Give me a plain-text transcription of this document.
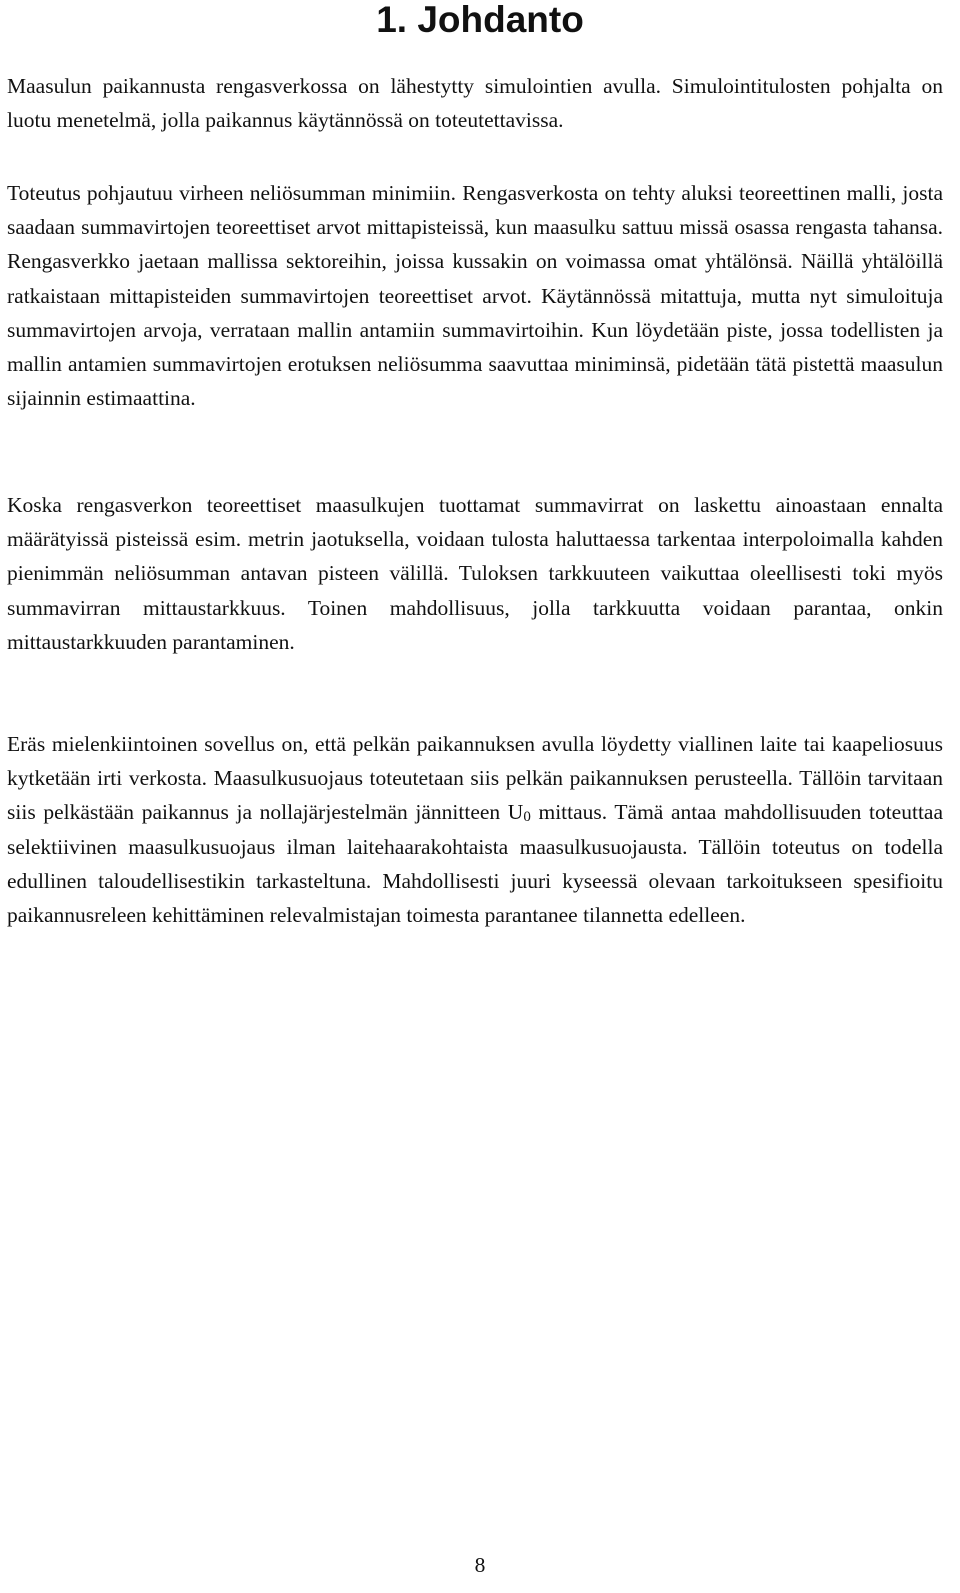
1. Johdanto

Maasulun paikannusta rengasverkossa on lähestytty simulointien avulla. Simulointitulosten pohjalta on luotu menetelmä, jolla paikannus käytännössä on toteutettavissa.

Toteutus pohjautuu virheen neliösumman minimiin. Rengasverkosta on tehty aluksi teoreettinen malli, josta saadaan summavirtojen teoreettiset arvot mittapisteissä, kun maasulku sattuu missä osassa rengasta tahansa. Rengasverkko jaetaan mallissa sektoreihin, joissa kussakin on voimassa omat yhtälönsä. Näillä yhtälöillä ratkaistaan mittapisteiden summavirtojen teoreettiset arvot. Käytännössä mitattuja, mutta nyt simuloituja summavirtojen arvoja, verrataan mallin antamiin summavirtoihin. Kun löydetään piste, jossa todellisten ja mallin antamien summavirtojen erotuksen neliösumma saavuttaa miniminsä, pidetään tätä pistettä maasulun sijainnin estimaattina.

Koska rengasverkon teoreettiset maasulkujen tuottamat summavirrat on laskettu ainoastaan ennalta määrätyissä pisteissä esim. metrin jaotuksella, voidaan tulosta haluttaessa tarkentaa interpoloimalla kahden pienimmän neliösumman antavan pisteen välillä. Tuloksen tarkkuuteen vaikuttaa oleellisesti toki myös summavirran mittaustarkkuus. Toinen mahdollisuus, jolla tarkkuutta voidaan parantaa, onkin mittaustarkkuuden parantaminen.

Eräs mielenkiintoinen sovellus on, että pelkän paikannuksen avulla löydetty viallinen laite tai kaapeliosuus kytketään irti verkosta. Maasulkusuojaus toteutetaan siis pelkän paikannuksen perusteella. Tällöin tarvitaan siis pelkästään paikannus ja nollajärjestelmän jännitteen $U_0$ mittaus. Tämä antaa mahdollisuuden toteuttaa selektiivinen maasulkusuojaus ilman laitehaarakohtaista maasulkusuojausta. Tällöin toteutus on todella edullinen taloudellisestikin tarkasteltuna. Mahdollisesti juuri kyseessä olevaan tarkoitukseen spesifioitu paikannusreleen kehittäminen relevalmistajan toimesta parantanee tilannetta edelleen.

8
